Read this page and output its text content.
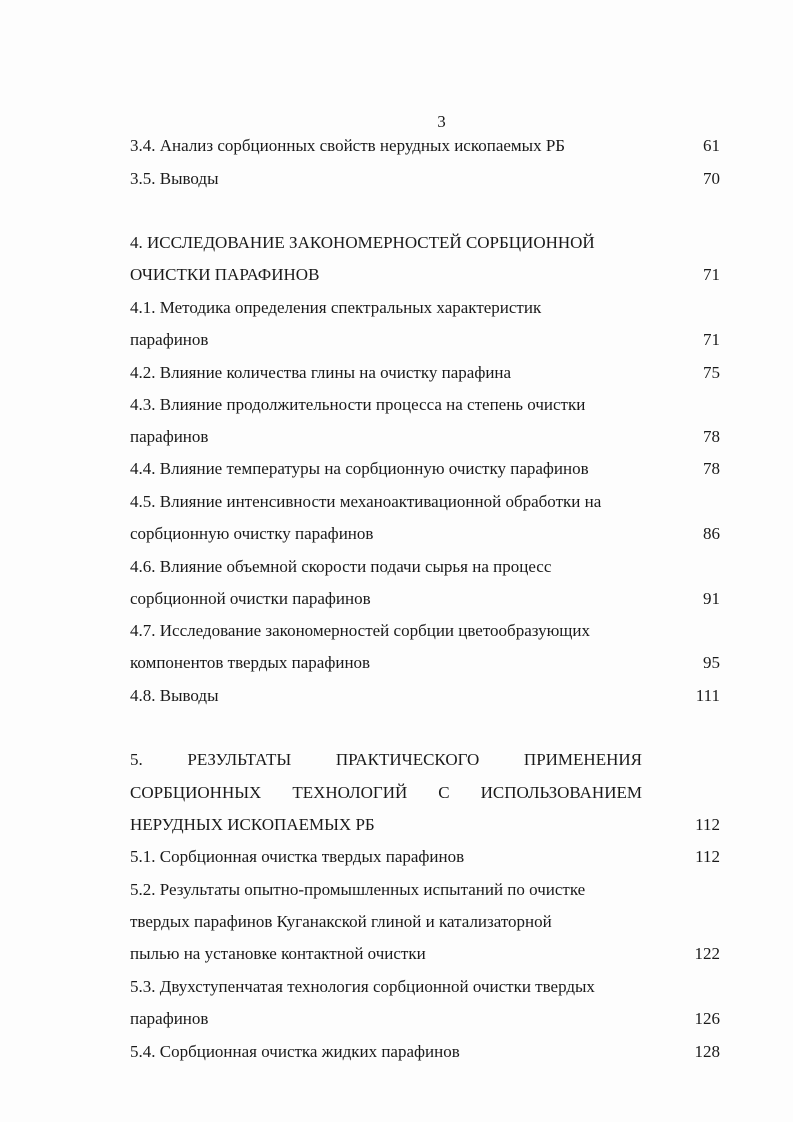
3
3.4. Анализ сорбционных свойств нерудных ископаемых РБ	61
3.5. Выводы	70
4. ИССЛЕДОВАНИЕ ЗАКОНОМЕРНОСТЕЙ СОРБЦИОННОЙ
ОЧИСТКИ ПАРАФИНОВ	71
4.1. Методика определения спектральных характеристик
парафинов	71
4.2. Влияние количества глины на очистку парафина	75
4.3. Влияние продолжительности процесса на степень очистки
парафинов	78
4.4. Влияние температуры на сорбционную очистку парафинов	78
4.5. Влияние интенсивности механоактивационной обработки на
сорбционную очистку парафинов	86
4.6. Влияние объемной скорости подачи сырья на процесс
сорбционной очистки парафинов	91
4.7. Исследование закономерностей сорбции цветообразующих
компонентов твердых парафинов	95
4.8. Выводы	111
5.	РЕЗУЛЬТАТЫ	ПРАКТИЧЕСКОГО	ПРИМЕНЕНИЯ
СОРБЦИОННЫХ ТЕХНОЛОГИЙ С ИСПОЛЬЗОВАНИЕМ
НЕРУДНЫХ ИСКОПАЕМЫХ РБ	112
5.1. Сорбционная очистка твердых парафинов	112
5.2. Результаты опытно-промышленных испытаний по очистке
твердых парафинов Куганакской глиной и катализаторной
пылью на установке контактной очистки	122
5.3. Двухступенчатая технология сорбционной очистки твердых
парафинов	126
5.4. Сорбционная очистка жидких парафинов	128
